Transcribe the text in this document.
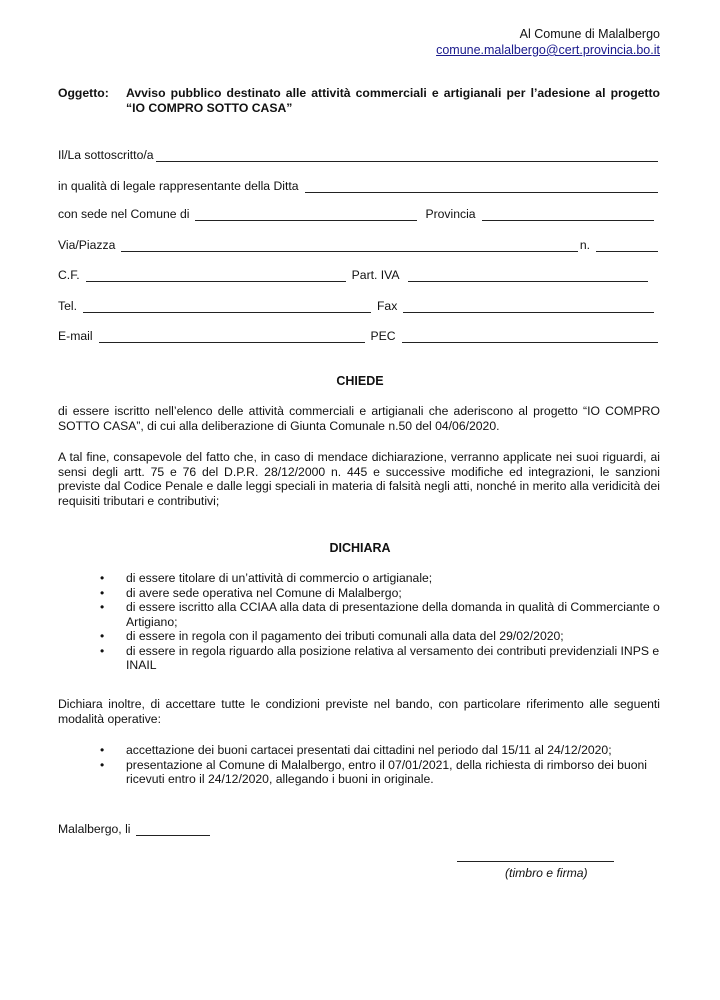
Al Comune di Malalbergo
comune.malalbergo@cert.provincia.bo.it
Oggetto: Avviso pubblico destinato alle attività commerciali e artigianali per l’adesione al progetto “IO COMPRO SOTTO CASA”
Il/La sottoscritto/a
in qualità di legale rappresentante della Ditta
con sede nel Comune di	Provincia
Via/Piazza	n.
C.F.	Part. IVA
Tel.	Fax
E-mail	PEC
CHIEDE
di essere iscritto nell’elenco delle attività commerciali e artigianali che aderiscono al progetto “IO COMPRO SOTTO CASA”, di cui alla deliberazione di Giunta Comunale n.50 del 04/06/2020.
A tal fine, consapevole del fatto che, in caso di mendace dichiarazione, verranno applicate nei suoi riguardi, ai sensi degli artt. 75 e 76 del D.P.R. 28/12/2000 n. 445 e successive modifiche ed integrazioni, le sanzioni previste dal Codice Penale e dalle leggi speciali in materia di falsità negli atti, nonché in merito alla veridicità dei requisiti tributari e contributivi;
DICHIARA
• di essere titolare di un’attività di commercio o artigianale;
• di avere sede operativa nel Comune di Malalbergo;
• di essere iscritto alla CCIAA alla data di presentazione della domanda in qualità di Commerciante o Artigiano;
• di essere in regola con il pagamento dei tributi comunali alla data del 29/02/2020;
• di essere in regola riguardo alla posizione relativa al versamento dei contributi previdenziali INPS e INAIL
Dichiara inoltre, di accettare tutte le condizioni previste nel bando, con particolare riferimento alle seguenti modalità operative:
• accettazione dei buoni cartacei presentati dai cittadini nel periodo dal 15/11 al 24/12/2020;
• presentazione al Comune di Malalbergo, entro il 07/01/2021, della richiesta di rimborso dei buoni ricevuti entro il 24/12/2020, allegando i buoni in originale.
Malalbergo, li
(timbro e firma)
